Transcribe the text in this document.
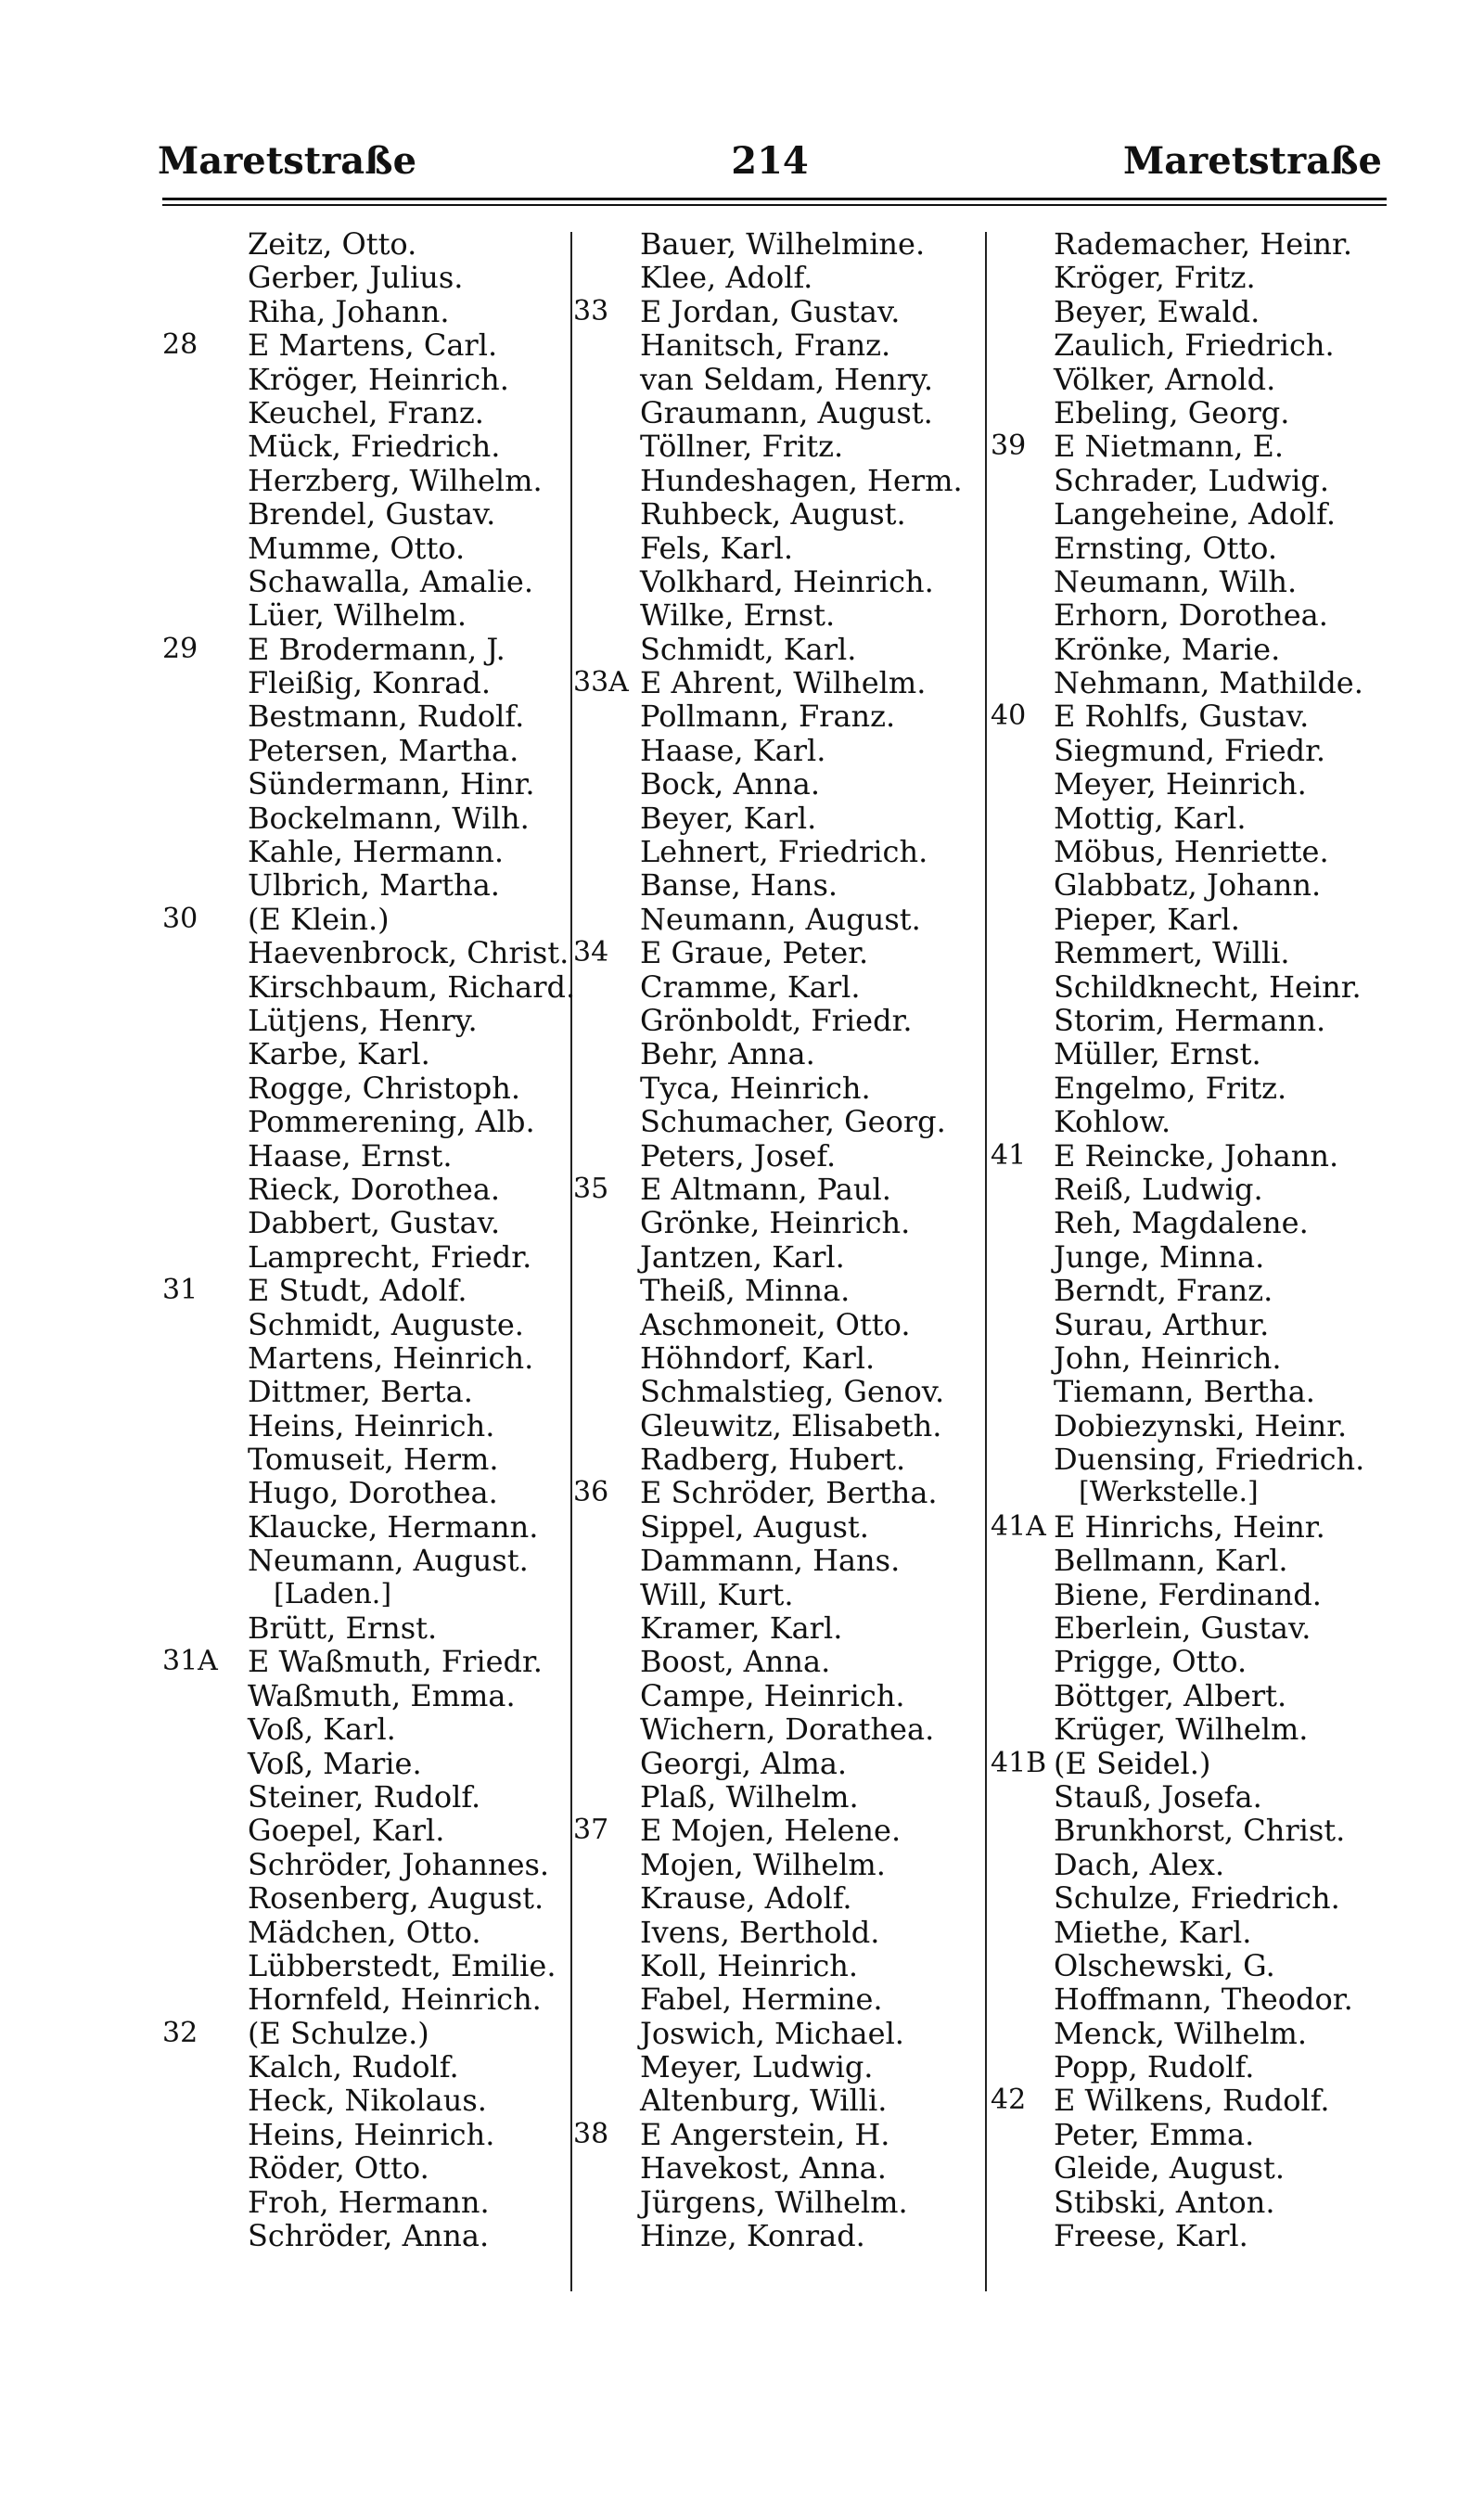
Maretstraße	214	Maretstraße
Zeitz, Otto.
Gerber, Julius.
Riha, Johann.
28	E Martens, Carl.
Kröger, Heinrich.
Keuchel, Franz.
Mück, Friedrich.
Herzberg, Wilhelm.
Brendel, Gustav.
Mumme, Otto.
Schawalla, Amalie.
Lüer, Wilhelm.
29	E Brodermann, J.
Fleißig, Konrad.
Bestmann, Rudolf.
Petersen, Martha.
Sündermann, Hinr.
Bockelmann, Wilh.
Kahle, Hermann.
Ulbrich, Martha.
30	(E Klein.)
Haevenbrock, Christ.
Kirschbaum, Richard.
Lütjens, Henry.
Karbe, Karl.
Rogge, Christoph.
Pommerening, Alb.
Haase, Ernst.
Rieck, Dorothea.
Dabbert, Gustav.
Lamprecht, Friedr.
31	E Studt, Adolf.
Schmidt, Auguste.
Martens, Heinrich.
Dittmer, Berta.
Heins, Heinrich.
Tomuseit, Herm.
Hugo, Dorothea.
Klaucke, Hermann.
Neumann, August.
[Laden.]
Brütt, Ernst.
31A	E Waßmuth, Friedr.
Waßmuth, Emma.
Voß, Karl.
Voß, Marie.
Steiner, Rudolf.
Goepel, Karl.
Schröder, Johannes.
Rosenberg, August.
Mädchen, Otto.
Lübberstedt, Emilie.
Hornfeld, Heinrich.
32	(E Schulze.)
Kalch, Rudolf.
Heck, Nikolaus.
Heins, Heinrich.
Röder, Otto.
Froh, Hermann.
Schröder, Anna.
Bauer, Wilhelmine.
Klee, Adolf.
33	E Jordan, Gustav.
Hanitsch, Franz.
van Seldam, Henry.
Graumann, August.
Töllner, Fritz.
Hundeshagen, Herm.
Ruhbeck, August.
Fels, Karl.
Volkhard, Heinrich.
Wilke, Ernst.
Schmidt, Karl.
33A E Ahrent, Wilhelm.
Pollmann, Franz.
Haase, Karl.
Bock, Anna.
Beyer, Karl.
Lehnert, Friedrich.
Banse, Hans.
Neumann, August.
34	E Graue, Peter.
Cramme, Karl.
Grönboldt, Friedr.
Behr, Anna.
Tyca, Heinrich.
Schumacher, Georg.
Peters, Josef.
35	E Altmann, Paul.
Grönke, Heinrich.
Jantzen, Karl.
Theiß, Minna.
Aschmoneit, Otto.
Höhndorf, Karl.
Schmalstieg, Genov.
Gleuwitz, Elisabeth.
Radberg, Hubert.
36	E Schröder, Bertha.
Sippel, August.
Dammann, Hans.
Will, Kurt.
Kramer, Karl.
Boost, Anna.
Campe, Heinrich.
Wichern, Dorathea.
Georgi, Alma.
Plaß, Wilhelm.
37	E Mojen, Helene.
Mojen, Wilhelm.
Krause, Adolf.
Ivens, Berthold.
Koll, Heinrich.
Fabel, Hermine.
Joswich, Michael.
Meyer, Ludwig.
Altenburg, Willi.
38	E Angerstein, H.
Havekost, Anna.
Jürgens, Wilhelm.
Hinze, Konrad.
Rademacher, Heinr.
Kröger, Fritz.
Beyer, Ewald.
Zaulich, Friedrich.
Völker, Arnold.
Ebeling, Georg.
39 E Nietmann, E.
Schrader, Ludwig.
Langeheine, Adolf.
Ernsting, Otto.
Neumann, Wilh.
Erhorn, Dorothea.
Krönke, Marie.
Nehmann, Mathilde.
40 E Rohlfs, Gustav.
Siegmund, Friedr.
Meyer, Heinrich.
Mottig, Karl.
Möbus, Henriette.
Glabbatz, Johann.
Pieper, Karl.
Remmert, Willi.
Schildknecht, Heinr.
Storim, Hermann.
Müller, Ernst.
Engelmo, Fritz.
Kohlow.
41 E Reincke, Johann.
Reiß, Ludwig.
Reh, Magdalene.
Junge, Minna.
Berndt, Franz.
Surau, Arthur.
John, Heinrich.
Tiemann, Bertha.
Dobiezynski, Heinr.
Duensing, Friedrich.
[Werkstelle.]
41A E Hinrichs, Heinr.
Bellmann, Karl.
Biene, Ferdinand.
Eberlein, Gustav.
Prigge, Otto.
Böttger, Albert.
Krüger, Wilhelm.
41B (E Seidel.)
Stauß, Josefa.
Brunkhorst, Christ.
Dach, Alex.
Schulze, Friedrich.
Miethe, Karl.
Olschewski, G.
Hoffmann, Theodor.
Menck, Wilhelm.
Popp, Rudolf.
42 E Wilkens, Rudolf.
Peter, Emma.
Gleide, August.
Stibski, Anton.
Freese, Karl.
